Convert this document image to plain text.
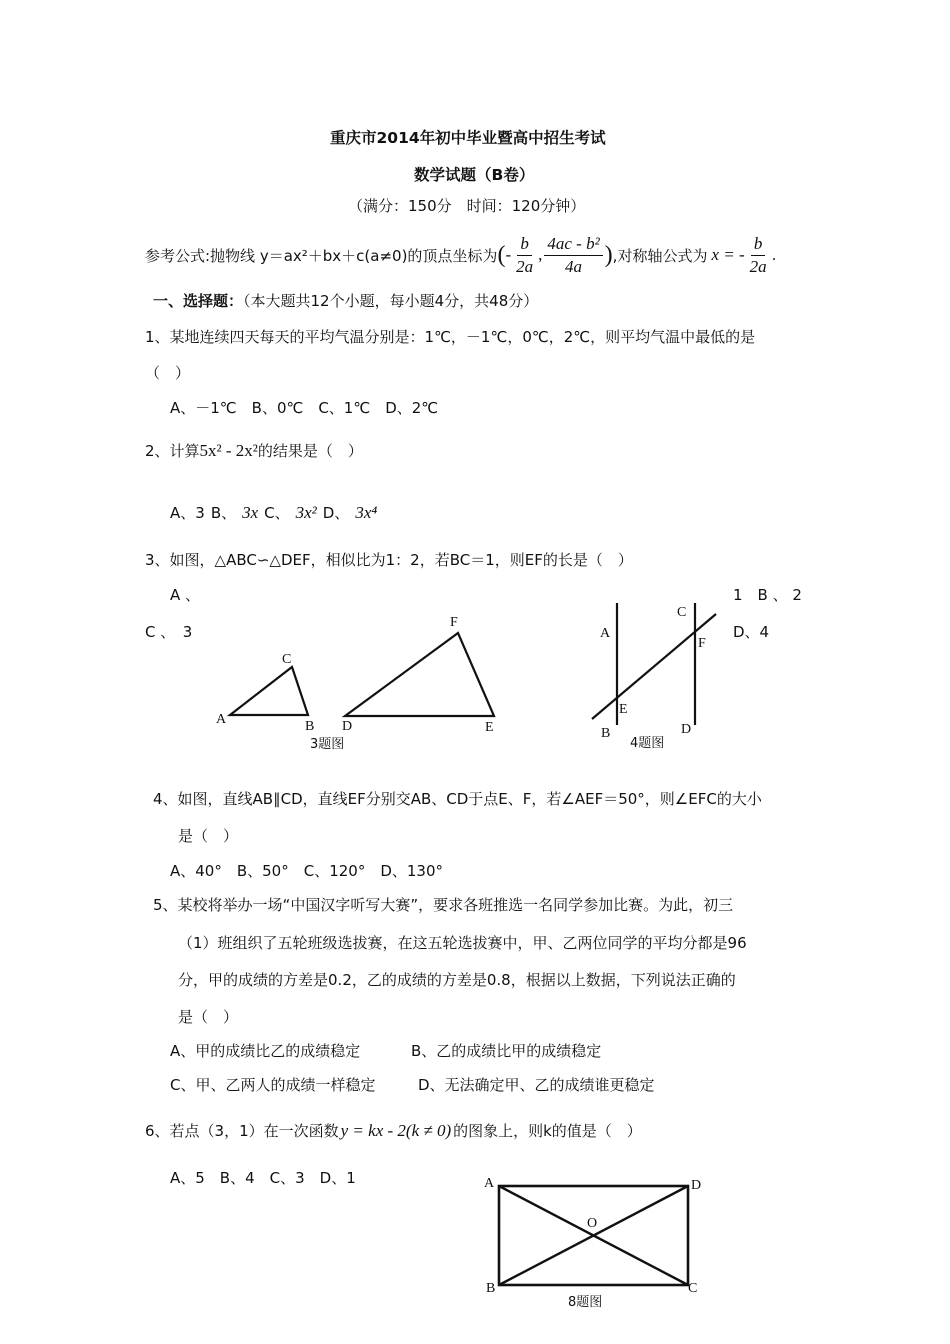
重庆市2014年初中毕业暨高中招生考试
数学试题（B卷）
（满分：150分　时间：120分钟）
参考公式:抛物线 y＝ax²＋bx＋c(a≠0)的顶点坐标为 ( - $\frac{b}{2a}$ , $\frac{\text{4ac - b²}}{4a}$ ) ,对称轴公式为 x = - $\frac{b}{2a}$ .
一、选择题：（本大题共12个小题，每小题4分，共48分）
1、某地连续四天每天的平均气温分别是：1℃，－1℃，0℃，2℃，则平均气温中最低的是
（　）
A、－1℃　B、0℃　C、1℃　D、2℃
2、计算 5x² - 2x² 的结果是（　）
A、3 B、 3x C、 3x² D、 3x⁴
3、如图，△ABC∽△DEF，相似比为1：2，若BC＝1，则EF的长是（　）
A 、	1　B 、 2
C 、　3	D、4
A	B
C
D	E
F
3题图
A
B
C
D
E
F
4题图
4、如图，直线AB∥CD，直线EF分别交AB、CD于点E、F，若∠AEF＝50°，则∠EFC的大小
是（　）
A、40°　B、50°　C、120°　D、130°
5、某校将举办一场“中国汉字听写大赛”，要求各班推选一名同学参加比赛。为此，初三
（1）班组织了五轮班级选拔赛，在这五轮选拔赛中，甲、乙两位同学的平均分都是96
分，甲的成绩的方差是0.2，乙的成绩的方差是0.8，根据以上数据，下列说法正确的
是（　）
A、甲的成绩比乙的成绩稳定	B、乙的成绩比甲的成绩稳定
C、甲、乙两人的成绩一样稳定	D、无法确定甲、乙的成绩谁更稳定
6、若点（3，1）在一次函数 y = kx - 2(k ≠ 0) 的图象上，则k的值是（　）
A、5　B、4　C、3　D、1	A	D
O
B	C
8题图
